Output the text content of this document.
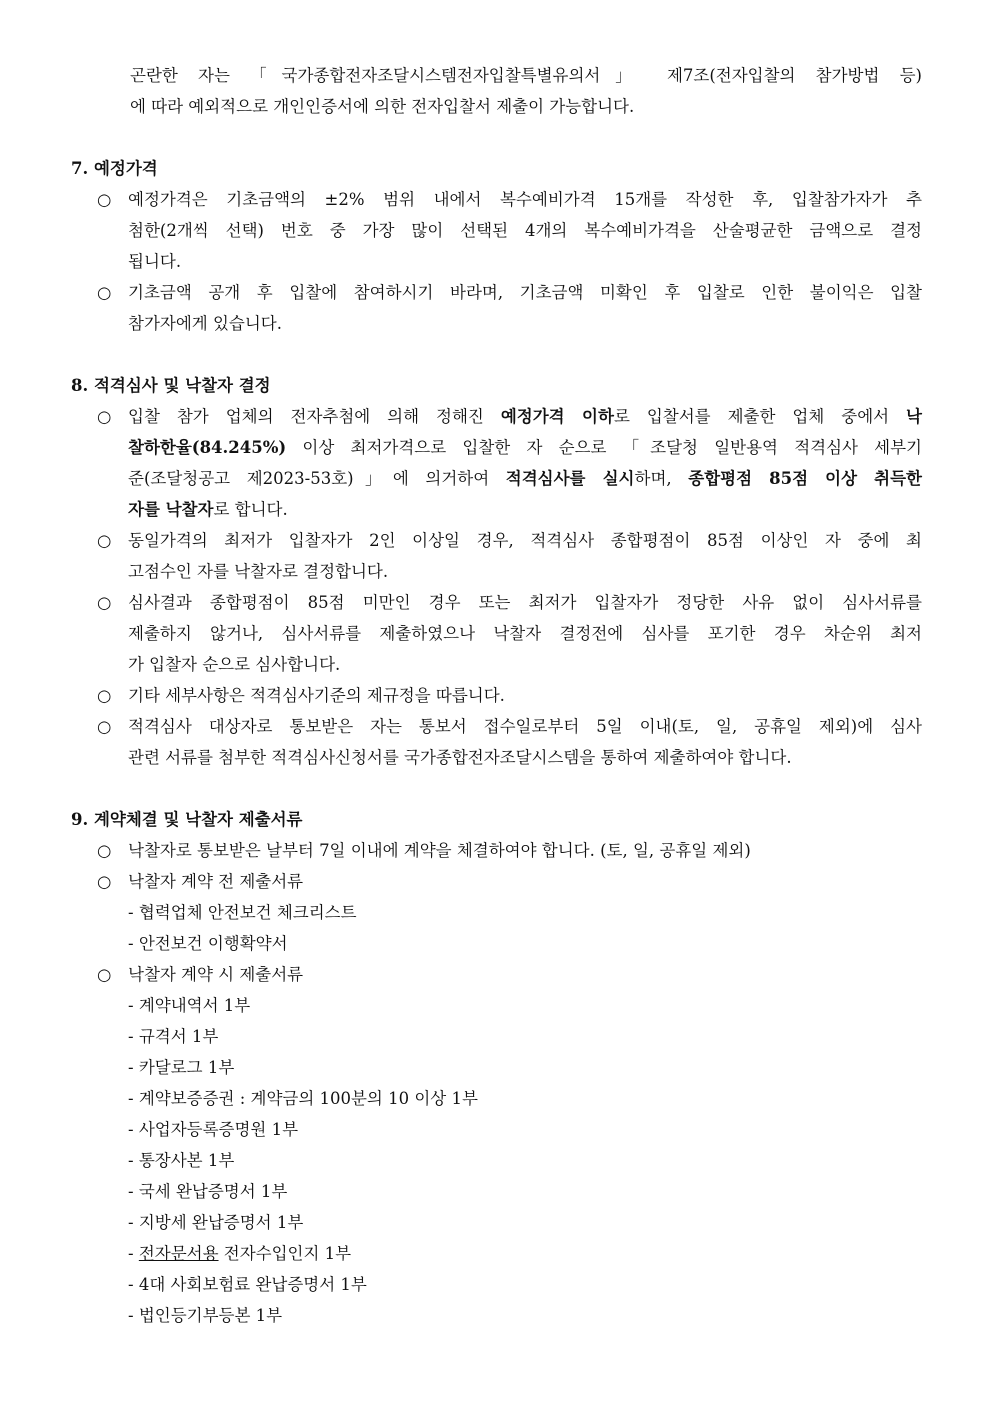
곤란한 자는 「국가종합전자조달시스템전자입찰특별유의서」 제7조(전자입찰의 참가방법 등)
에 따라 예외적으로 개인인증서에 의한 전자입찰서 제출이 가능합니다.
7. 예정가격
○ 예정가격은 기초금액의 ±2% 범위 내에서 복수예비가격 15개를 작성한 후, 입찰참가자가 추
첨한(2개씩 선택) 번호 중 가장 많이 선택된 4개의 복수예비가격을 산술평균한 금액으로 결정
됩니다.
○ 기초금액 공개 후 입찰에 참여하시기 바라며, 기초금액 미확인 후 입찰로 인한 불이익은 입찰
참가자에게 있습니다.
8. 적격심사 및 낙찰자 결정
○ 입찰 참가 업체의 전자추첨에 의해 정해진 예정가격 이하로 입찰서를 제출한 업체 중에서 낙
찰하한율(84.245%) 이상 최저가격으로 입찰한 자 순으로 「조달청 일반용역 적격심사 세부기
준(조달청공고 제2023-53호)」에 의거하여 적격심사를 실시하며, 종합평점 85점 이상 취득한
자를 낙찰자로 합니다.
○ 동일가격의 최저가 입찰자가 2인 이상일 경우, 적격심사 종합평점이 85점 이상인 자 중에 최
고점수인 자를 낙찰자로 결정합니다.
○ 심사결과 종합평점이 85점 미만인 경우 또는 최저가 입찰자가 정당한 사유 없이 심사서류를
제출하지 않거나, 심사서류를 제출하였으나 낙찰자 결정전에 심사를 포기한 경우 차순위 최저
가 입찰자 순으로 심사합니다.
○ 기타 세부사항은 적격심사기준의 제규정을 따릅니다.
○ 적격심사 대상자로 통보받은 자는 통보서 접수일로부터 5일 이내(토, 일, 공휴일 제외)에 심사
관련 서류를 첨부한 적격심사신청서를 국가종합전자조달시스템을 통하여 제출하여야 합니다.
9. 계약체결 및 낙찰자 제출서류
○ 낙찰자로 통보받은 날부터 7일 이내에 계약을 체결하여야 합니다. (토, 일, 공휴일 제외)
○ 낙찰자 계약 전 제출서류
- 협력업체 안전보건 체크리스트
- 안전보건 이행확약서
○ 낙찰자 계약 시 제출서류
- 계약내역서 1부
- 규격서 1부
- 카달로그 1부
- 계약보증증권 : 계약금의 100분의 10 이상 1부
- 사업자등록증명원 1부
- 통장사본 1부
- 국세 완납증명서 1부
- 지방세 완납증명서 1부
- 전자문서용 전자수입인지 1부
- 4대 사회보험료 완납증명서 1부
- 법인등기부등본 1부
